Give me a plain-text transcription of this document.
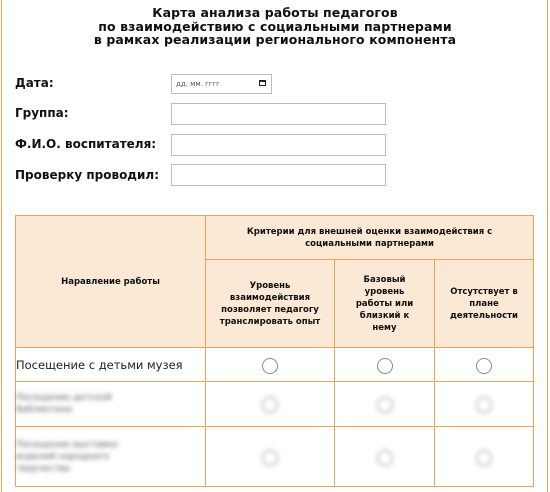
Карта анализа работы педагогов
по взаимодействию с социальными партнерами
в рамках реализации регионального компонента
Дата:	дд. мм. гггг
Группа:
Ф.И.О. воспитателя:
Проверку проводил:
Наравление работы	Критерии для внешней оценки взаимодействия с социальными партнерами		
	Уровень взаимодействия позволяет педагогу транслировать опыт	Базовый уровень работы или близкий к нему	Отсутствует в плане деятельности
Посещение с детьми музея			
Посещение детской библиотеки			
Посещение выставки изделий народного творчества			
